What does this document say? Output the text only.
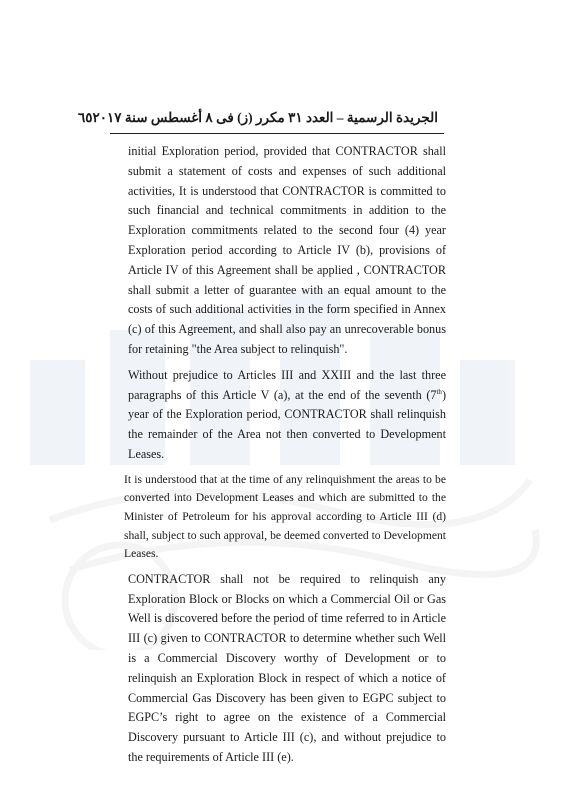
الجريدة الرسمية – العدد ٣١ مكرر (ز) فى ٨ أغسطس سنة ٢٠١٧
٦٥

initial Exploration period, provided that CONTRACTOR shall submit a statement of costs and expenses of such additional activities, It is understood that CONTRACTOR is committed to such financial and technical commitments in addition to the Exploration commitments related to the second four (4) year Exploration period according to Article IV (b), provisions of Article IV of this Agreement shall be applied , CONTRACTOR shall submit a letter of guarantee with an equal amount to the costs of such additional activities in the form specified in Annex (c) of this Agreement, and shall also pay an unrecoverable bonus for retaining "the Area subject to relinquish".

Without prejudice to Articles III and XXIII and the last three paragraphs of this Article V (a), at the end of the seventh (7th) year of the Exploration period, CONTRACTOR shall relinquish the remainder of the Area not then converted to Development Leases.

It is understood that at the time of any relinquishment the areas to be converted into Development Leases and which are submitted to the Minister of Petroleum for his approval according to Article III (d) shall, subject to such approval, be deemed converted to Development Leases.

CONTRACTOR shall not be required to relinquish any Exploration Block or Blocks on which a Commercial Oil or Gas Well is discovered before the period of time referred to in Article III (c) given to CONTRACTOR to determine whether such Well is a Commercial Discovery worthy of Development or to relinquish an Exploration Block in respect of which a notice of Commercial Gas Discovery has been given to EGPC subject to EGPC’s right to agree on the existence of a Commercial Discovery pursuant to Article III (c), and without prejudice to the requirements of Article III (e).
